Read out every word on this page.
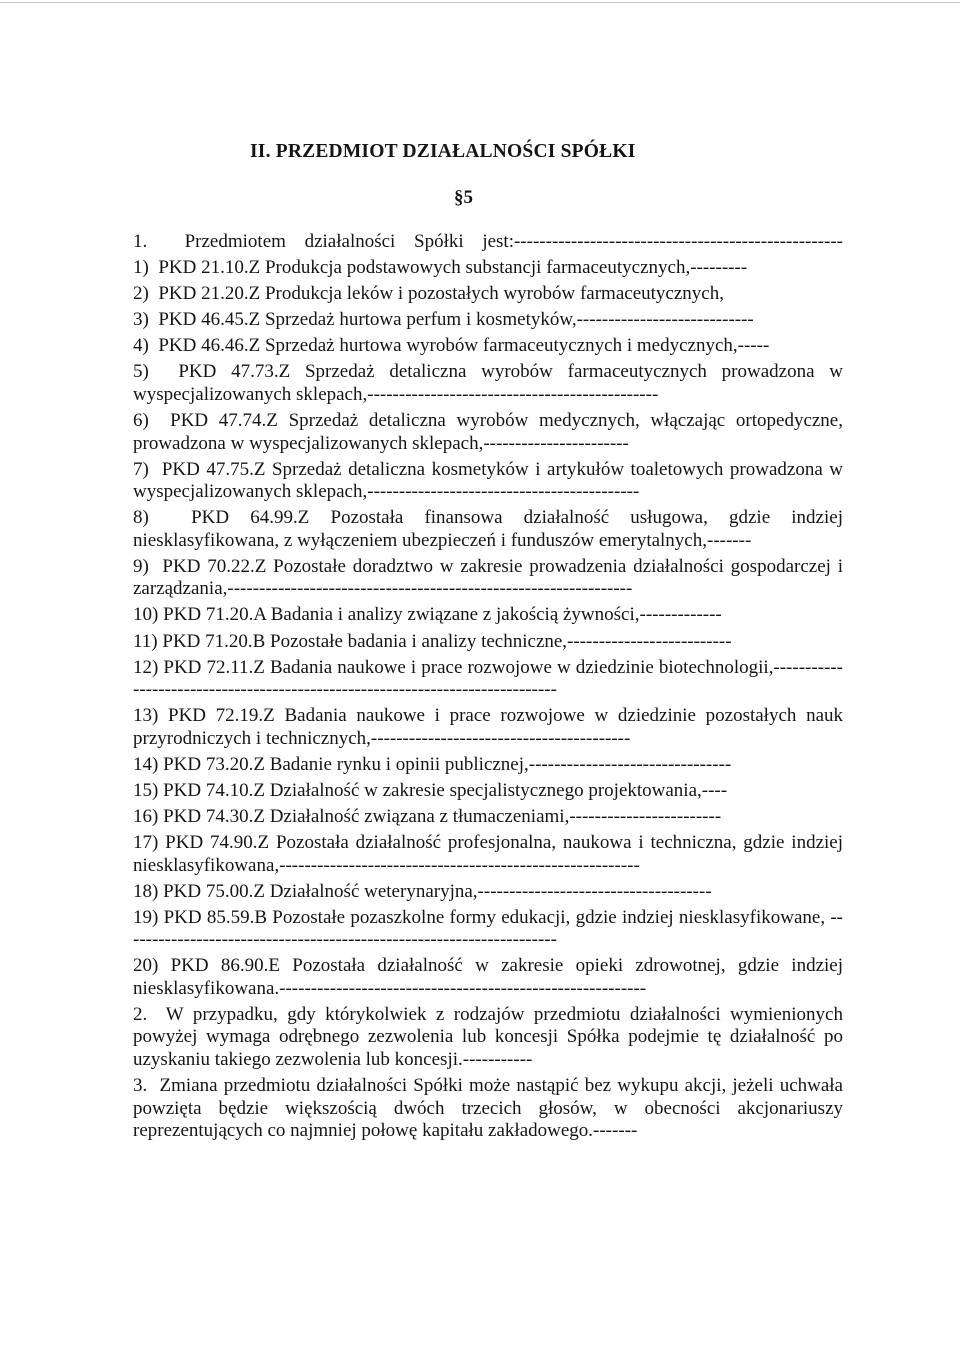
II. PRZEDMIOT DZIAŁALNOŚCI SPÓŁKI
§5
1.  Przedmiotem działalności Spółki jest:----------------------------------------------------
1)  PKD 21.10.Z Produkcja podstawowych substancji farmaceutycznych,---------
2)  PKD 21.20.Z Produkcja leków i pozostałych wyrobów farmaceutycznych,
3)  PKD 46.45.Z Sprzedaż hurtowa perfum i kosmetyków,----------------------------
4)  PKD 46.46.Z Sprzedaż hurtowa wyrobów farmaceutycznych i medycznych,-----
5)  PKD 47.73.Z Sprzedaż detaliczna wyrobów farmaceutycznych prowadzona w wyspecjalizowanych sklepach,----------------------------------------------
6)  PKD 47.74.Z Sprzedaż detaliczna wyrobów medycznych, włączając ortopedyczne, prowadzona w wyspecjalizowanych sklepach,-----------------------
7)  PKD 47.75.Z Sprzedaż detaliczna kosmetyków i artykułów toaletowych prowadzona w wyspecjalizowanych sklepach,-------------------------------------------
8)  PKD 64.99.Z Pozostała finansowa działalność usługowa, gdzie indziej niesklasyfikowana, z wyłączeniem ubezpieczeń i funduszów emerytalnych,-------
9)  PKD 70.22.Z Pozostałe doradztwo w zakresie prowadzenia działalności gospodarczej i zarządzania,----------------------------------------------------------------
10) PKD 71.20.A Badania i analizy związane z jakością żywności,-------------
11) PKD 71.20.B Pozostałe badania i analizy techniczne,--------------------------
12) PKD 72.11.Z Badania naukowe i prace rozwojowe w dziedzinie biotechnologii,------------------------------------------------------------------------------
13) PKD 72.19.Z Badania naukowe i prace rozwojowe w dziedzinie pozostałych nauk przyrodniczych i technicznych,-----------------------------------------
14) PKD 73.20.Z Badanie rynku i opinii publicznej,--------------------------------
15) PKD 74.10.Z Działalność w zakresie specjalistycznego projektowania,----
16) PKD 74.30.Z Działalność związana z tłumaczeniami,------------------------
17) PKD 74.90.Z Pozostała działalność profesjonalna, naukowa i techniczna, gdzie indziej niesklasyfikowana,---------------------------------------------------------
18) PKD 75.00.Z Działalność weterynaryjna,-------------------------------------
19) PKD 85.59.B Pozostałe pozaszkolne formy edukacji, gdzie indziej niesklasyfikowane, ---------------------------------------------------------------------
20) PKD 86.90.E Pozostała działalność w zakresie opieki zdrowotnej, gdzie indziej niesklasyfikowana.----------------------------------------------------------
2.  W przypadku, gdy którykolwiek z rodzajów przedmiotu działalności wymienionych powyżej wymaga odrębnego zezwolenia lub koncesji Spółka podejmie tę działalność po uzyskaniu takiego zezwolenia lub koncesji.-----------
3.  Zmiana przedmiotu działalności Spółki może nastąpić bez wykupu akcji, jeżeli uchwała powzięta będzie większością dwóch trzecich głosów, w obecności akcjonariuszy reprezentujących co najmniej połowę kapitału zakładowego.-------
